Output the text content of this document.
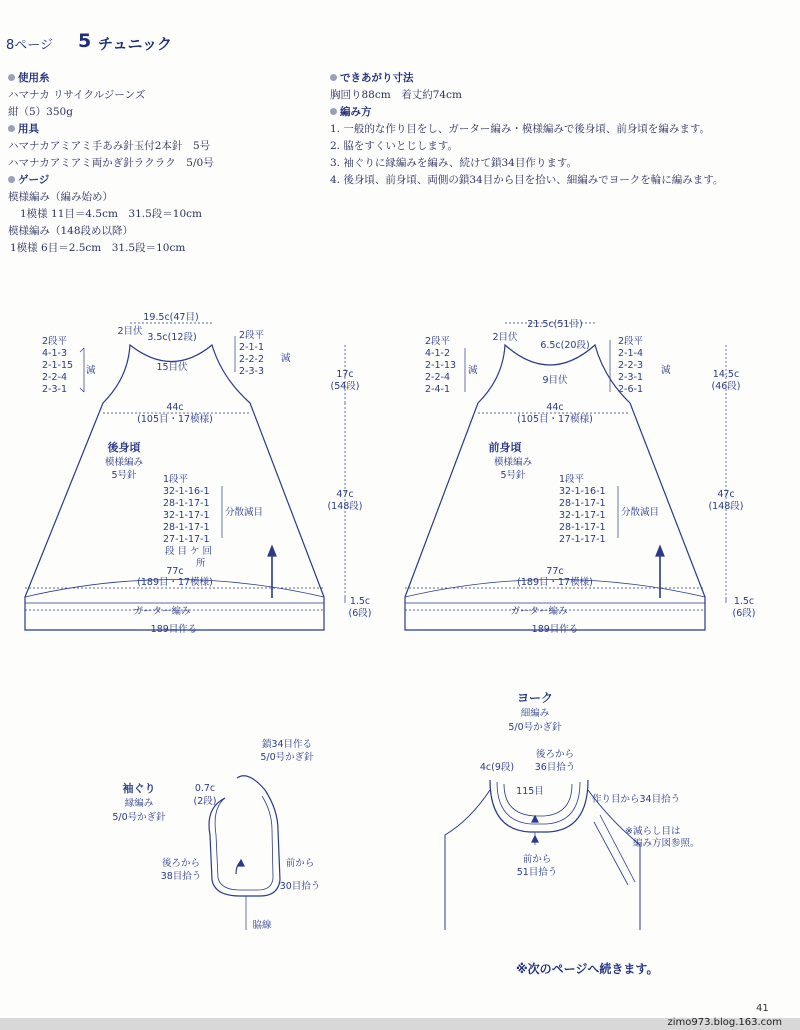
8ページ 5 チュニック
使用糸
ハマナカ リサイクルジーンズ
紺（5）350g
用具
ハマナカアミアミ手あみ針玉付2本針　5号
ハマナカアミアミ両かぎ針ラクラク　5/0号
ゲージ
模様編み（編み始め）
1模様 11目＝4.5cm　31.5段＝10cm
模様編み（148段め以降）
1模様 6目＝2.5cm　31.5段＝10cm
できあがり寸法
胸回り88cm　着丈約74cm
編み方
1. 一般的な作り目をし、ガーター編み・模様編みで後身頃、前身頃を編みます。
2. 脇をすくいとじします。
3. 袖ぐりに縁編みを編み、続けて鎖34目作ります。
4. 後身頃、前身頃、両側の鎖34目から目を拾い、細編みでヨークを輪に編みます。
19.5c(47目)
2目伏
3.5c(12段)
15目伏
2段平
4-1-3
2-1-15
2-2-4
2-3-1
減
2段平
2-1-1
2-2-2
2-3-3
減
17c
(54段)
44c
(105目・17模様)
後身頃
模様編み
5号針	1段平
32-1-16-1
28-1-17-1
32-1-17-1
28-1-17-1
27-1-17-1
分散減目
段 目 ケ 回
所
47c
(148段)
77c
(189目・17模様)
ガーター編み
1.5c
(6段)
189目作る
21.5c(51目)
2目伏
6.5c(20段)
9目伏
2段平
4-1-2
2-1-13
2-2-4
2-4-1
減
2段平
2-1-4
2-2-3
2-3-1
2-6-1
減	14.5c
(46段)
44c
(105目・17模様)
前身頃
模様編み
5号針	1段平
32-1-16-1
28-1-17-1
32-1-17-1
28-1-17-1
27-1-17-1
分散減目
47c
(148段)
77c
(189目・17模様)
ガーター編み
1.5c
(6段)
189目作る
袖ぐり
縁編み
5/0号かぎ針
鎖34目作る
5/0号かぎ針
0.7c
(2段)
後ろから
38目拾う
前から
30目拾う
脇線
ヨーク
細編み
5/0号かぎ針
4c(9段)
後ろから
36目拾う
115目
作り目から34目拾う
※減らし目は
編み方図参照。
前から
51目拾う
※次のページへ続きます。
41
zimo973.blog.163.com
